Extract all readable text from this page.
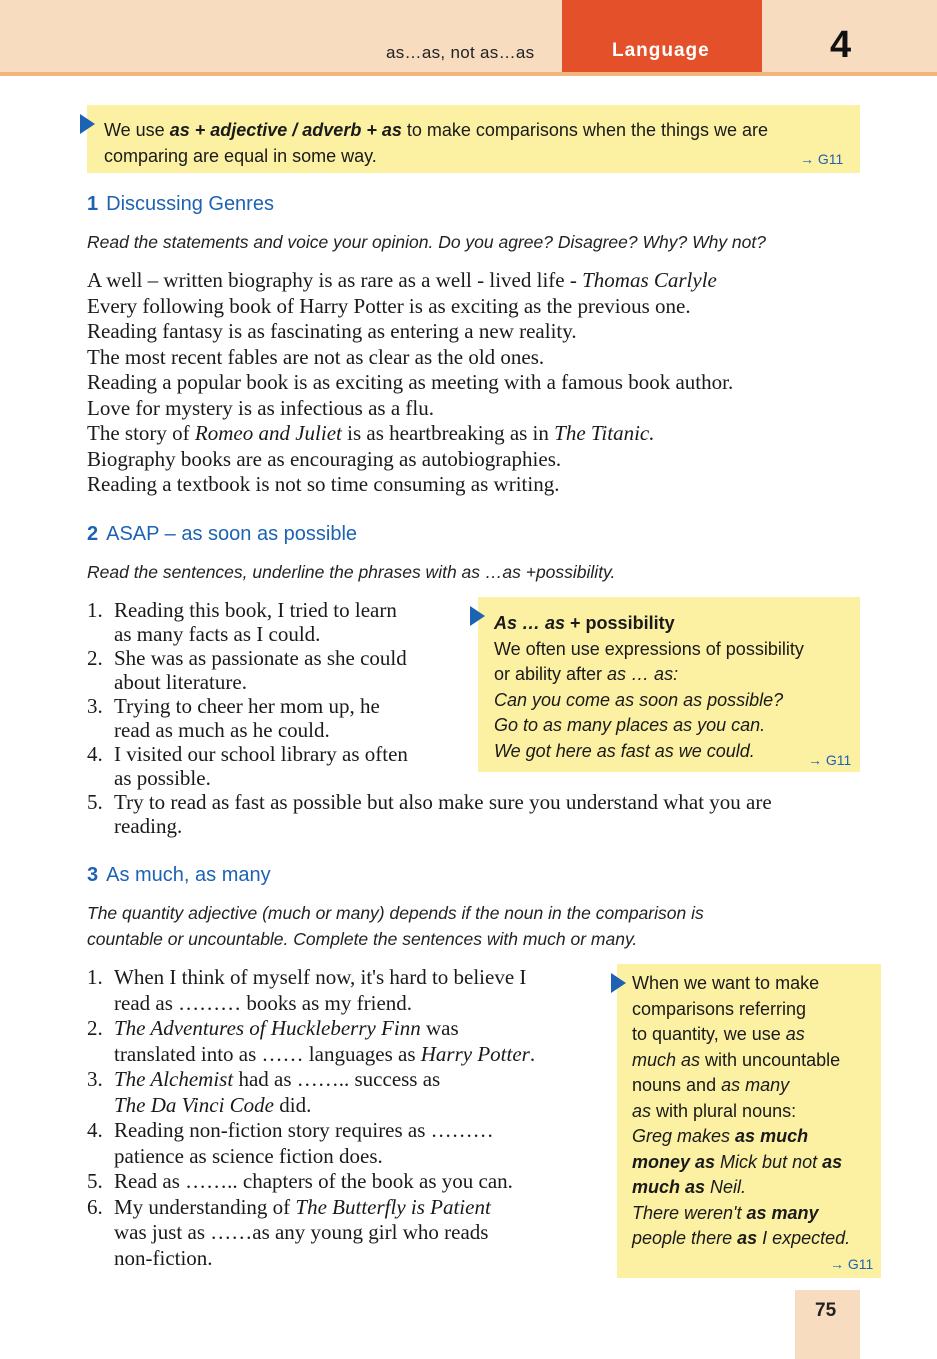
as…as, not as…as	Language	4
We use as + adjective / adverb + as to make comparisons when the things we are
comparing are equal in some way.	→ G11
1 Discussing Genres
Read the statements and voice your opinion. Do you agree? Disagree? Why? Why not?
A well – written biography is as rare as a well - lived life - Thomas Carlyle
Every following book of Harry Potter is as exciting as the previous one.
Reading fantasy is as fascinating as entering a new reality.
The most recent fables are not as clear as the old ones.
Reading a popular book is as exciting as meeting with a famous book author.
Love for mystery is as infectious as a flu.
The story of Romeo and Juliet is as heartbreaking as in The Titanic.
Biography books are as encouraging as autobiographies.
Reading a textbook is not so time consuming as writing.
2 ASAP – as soon as possible
Read the sentences, underline the phrases with as …as +possibility.
As … as + possibility
We often use expressions of possibility
or ability after as … as:
Can you come as soon as possible?
Go to as many places as you can.
We got here as fast as we could.	→ G11
1. Reading this book, I tried to learn
as many facts as I could.
2. She was as passionate as she could
about literature.
3. Trying to cheer her mom up, he
read as much as he could.
4. I visited our school library as often
as possible.
5. Try to read as fast as possible but also make sure you understand what you are
reading.
3 As much, as many
The quantity adjective (much or many) depends if the noun in the comparison is
countable or uncountable. Complete the sentences with much or many.
1. When I think of myself now, it's hard to believe I
read as ……… books as my friend.
2. The Adventures of Huckleberry Finn was
translated into as …… languages as Harry Potter.
3. The Alchemist had as …….. success as
The Da Vinci Code did.
4. Reading non-fiction story requires as ………
patience as science fiction does.
5. Read as …….. chapters of the book as you can.
6. My understanding of The Butterfly is Patient
was just as ……as any young girl who reads
non-fiction.
When we want to make
comparisons referring
to quantity, we use as
much as with uncountable
nouns and as many
as with plural nouns:
Greg makes as much
money as Mick but not as
much as Neil.
There weren't as many
people there as I expected.
→ G11
75
